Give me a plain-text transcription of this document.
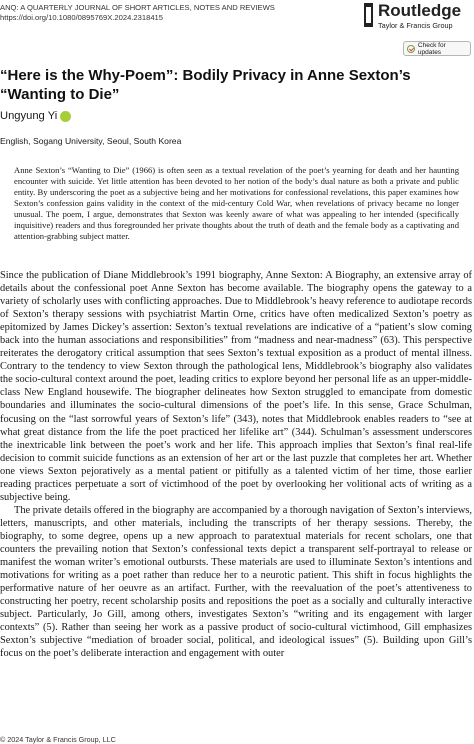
ANQ: A QUARTERLY JOURNAL OF SHORT ARTICLES, NOTES AND REVIEWS
https://doi.org/10.1080/0895769X.2024.2318415	Routledge
Taylor & Francis Group
Check for updates
“Here is the Why-Poem”: Bodily Privacy in Anne Sexton’s “Wanting to Die”
Ungyung Yi
English, Sogang University, Seoul, South Korea

Anne Sexton’s “Wanting to Die” (1966) is often seen as a textual revelation of the poet’s yearning for death and her haunting encounter with suicide. Yet little attention has been devoted to her notion of the body’s dual nature as both a private and public entity. By underscoring the poet as a subjective being and her motivations for confessional revelations, this paper examines how Sexton’s confession gains validity in the context of the mid-century Cold War, when revelations of privacy became no longer unusual. The poem, I argue, demonstrates that Sexton was keenly aware of what was appealing to her intended (specifically inquisitive) readers and thus foregrounded her private thoughts about the truth of death and the female body as a captivating and attention-grabbing subject matter.

Since the publication of Diane Middlebrook’s 1991 biography, Anne Sexton: A Biography, an extensive array of details about the confessional poet Anne Sexton has become available. The biography opens the gateway to a variety of scholarly uses with conflicting approaches. Due to Middlebrook’s heavy reference to audiotape records of Sexton’s therapy sessions with psychiatrist Martin Orne, critics have often medicalized Sexton’s poetry as epitomized by James Dickey’s assertion: Sexton’s textual revelations are indicative of a “patient’s slow coming back into the human associations and responsibilities” from “madness and near-madness” (63). This perspective reiterates the derogatory critical assumption that sees Sexton’s textual exposition as a product of mental illness. Contrary to the tendency to view Sexton through the pathological lens, Middlebrook’s biography also validates the socio-cultural context around the poet, leading critics to explore beyond her personal life as an upper-middle-class New England housewife. The biographer delineates how Sexton struggled to emancipate from domestic boundaries and illuminates the socio-cultural dimensions of the poet’s life. In this sense, Grace Schulman, focusing on the “last sorrowful years of Sexton’s life” (343), notes that Middlebrook enables readers to “see at what great distance from the life the poet practiced her lifelike art” (344). Schulman’s assessment underscores the inextricable link between the poet’s work and her life. This approach implies that Sexton’s final real-life decision to commit suicide functions as an extension of her art or the last puzzle that completes her art. Whether one views Sexton pejoratively as a mental patient or pitifully as a talented victim of her time, those earlier reading practices perpetuate a sort of victimhood of the poet by overlooking her volitional acts of writing as a subjective being.

The private details offered in the biography are accompanied by a thorough navigation of Sexton’s interviews, letters, manuscripts, and other materials, including the transcripts of her therapy sessions. Thereby, the biography, to some degree, opens up a new approach to paratextual materials for recent scholars, one that counters the prevailing notion that Sexton’s confessional texts depict a transparent self-portrayal to release or manifest the woman writer’s emotional outbursts. These materials are used to illuminate Sexton’s intentions and motivations for writing as a poet rather than reduce her to a neurotic patient. This shift in focus highlights the performative nature of her oeuvre as an artifact. Further, with the reevaluation of the poet’s attentiveness to constructing her poetry, recent scholarship posits and repositions the poet as a socially and culturally interactive subject. Particularly, Jo Gill, among others, investigates Sexton’s “writing and its engagement with larger contexts” (5). Rather than seeing her work as a passive product of socio-cultural victimhood, Gill emphasizes Sexton’s subjective “mediation of broader social, political, and ideological issues” (5). Building upon Gill’s focus on the poet’s deliberate interaction and engagement with outer

© 2024 Taylor & Francis Group, LLC
